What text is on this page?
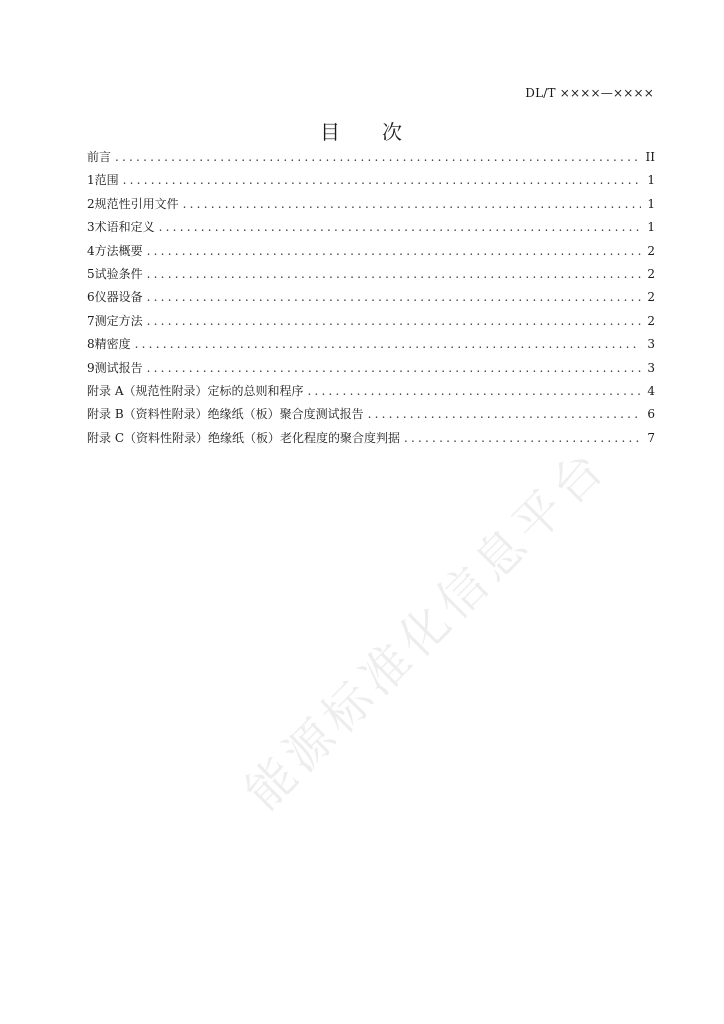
DL/T ××××—××××
目 次
前言 .....	II
1 范围 .....	1
2 规范性引用文件 .....	1
3 术语和定义 .....	1
4 方法概要 .....	2
5 试验条件 .....	2
6 仪器设备 .....	2
7 测定方法 .....	2
8 精密度 .....	3
9 测试报告 .....	3
附录 A（规范性附录）定标的总则和程序 .....	4
附录 B（资料性附录）绝缘纸（板）聚合度测试报告 .....	6
附录 C（资料性附录）绝缘纸（板）老化程度的聚合度判据 .....	7
能源标准化信息平台
